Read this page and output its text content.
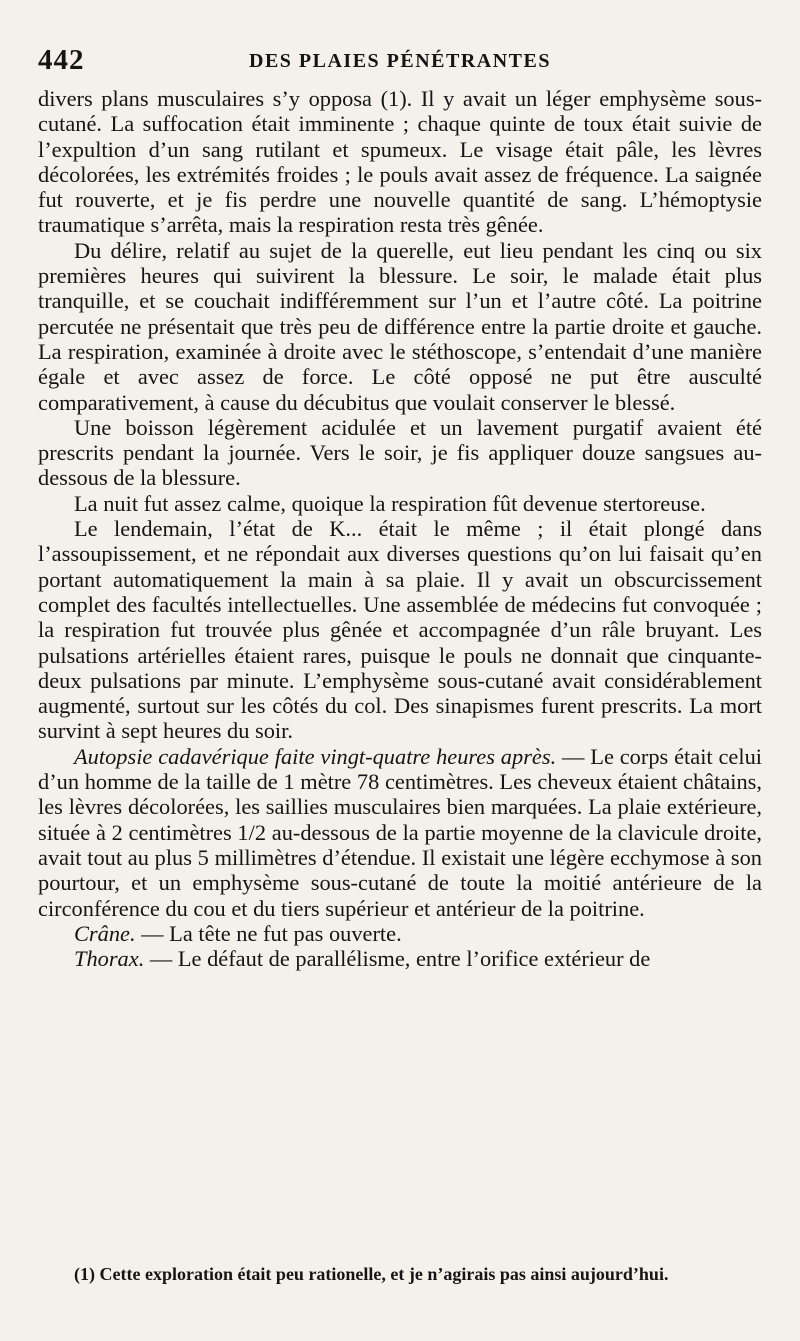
442	DES PLAIES PÉNÉTRANTES

divers plans musculaires s’y opposa (1). Il y avait un léger emphysème sous-cutané. La suffocation était imminente ; chaque quinte de toux était suivie de l’expultion d’un sang rutilant et spumeux. Le visage était pâle, les lèvres décolorées, les extrémités froides ; le pouls avait assez de fréquence. La saignée fut rouverte, et je fis perdre une nouvelle quantité de sang. L’hémoptysie traumatique s’arrêta, mais la respiration resta très gênée.

Du délire, relatif au sujet de la querelle, eut lieu pendant les cinq ou six premières heures qui suivirent la blessure. Le soir, le malade était plus tranquille, et se couchait indifféremment sur l’un et l’autre côté. La poitrine percutée ne présentait que très peu de différence entre la partie droite et gauche. La respiration, examinée à droite avec le stéthoscope, s’entendait d’une manière égale et avec assez de force. Le côté opposé ne put être ausculté comparativement, à cause du décubitus que voulait conserver le blessé.

Une boisson légèrement acidulée et un lavement purgatif avaient été prescrits pendant la journée. Vers le soir, je fis appliquer douze sangsues au-dessous de la blessure.

La nuit fut assez calme, quoique la respiration fût devenue stertoreuse.

Le lendemain, l’état de K... était le même ; il était plongé dans l’assoupissement, et ne répondait aux diverses questions qu’on lui faisait qu’en portant automatiquement la main à sa plaie. Il y avait un obscurcissement complet des facultés intellectuelles. Une assemblée de médecins fut convoquée ; la respiration fut trouvée plus gênée et accompagnée d’un râle bruyant. Les pulsations artérielles étaient rares, puisque le pouls ne donnait que cinquante-deux pulsations par minute. L’emphysème sous-cutané avait considérablement augmenté, surtout sur les côtés du col. Des sinapismes furent prescrits. La mort survint à sept heures du soir.

Autopsie cadavérique faite vingt-quatre heures après. — Le corps était celui d’un homme de la taille de 1 mètre 78 centimètres. Les cheveux étaient châtains, les lèvres décolorées, les saillies musculaires bien marquées. La plaie extérieure, située à 2 centimètres 1/2 au-dessous de la partie moyenne de la clavicule droite, avait tout au plus 5 millimètres d’étendue. Il existait une légère ecchymose à son pourtour, et un emphysème sous-cutané de toute la moitié antérieure de la circonférence du cou et du tiers supérieur et antérieur de la poitrine.

Crâne. — La tête ne fut pas ouverte.

Thorax. — Le défaut de parallélisme, entre l’orifice extérieur de

(1) Cette exploration était peu rationelle, et je n’agirais pas ainsi aujourd’hui.
